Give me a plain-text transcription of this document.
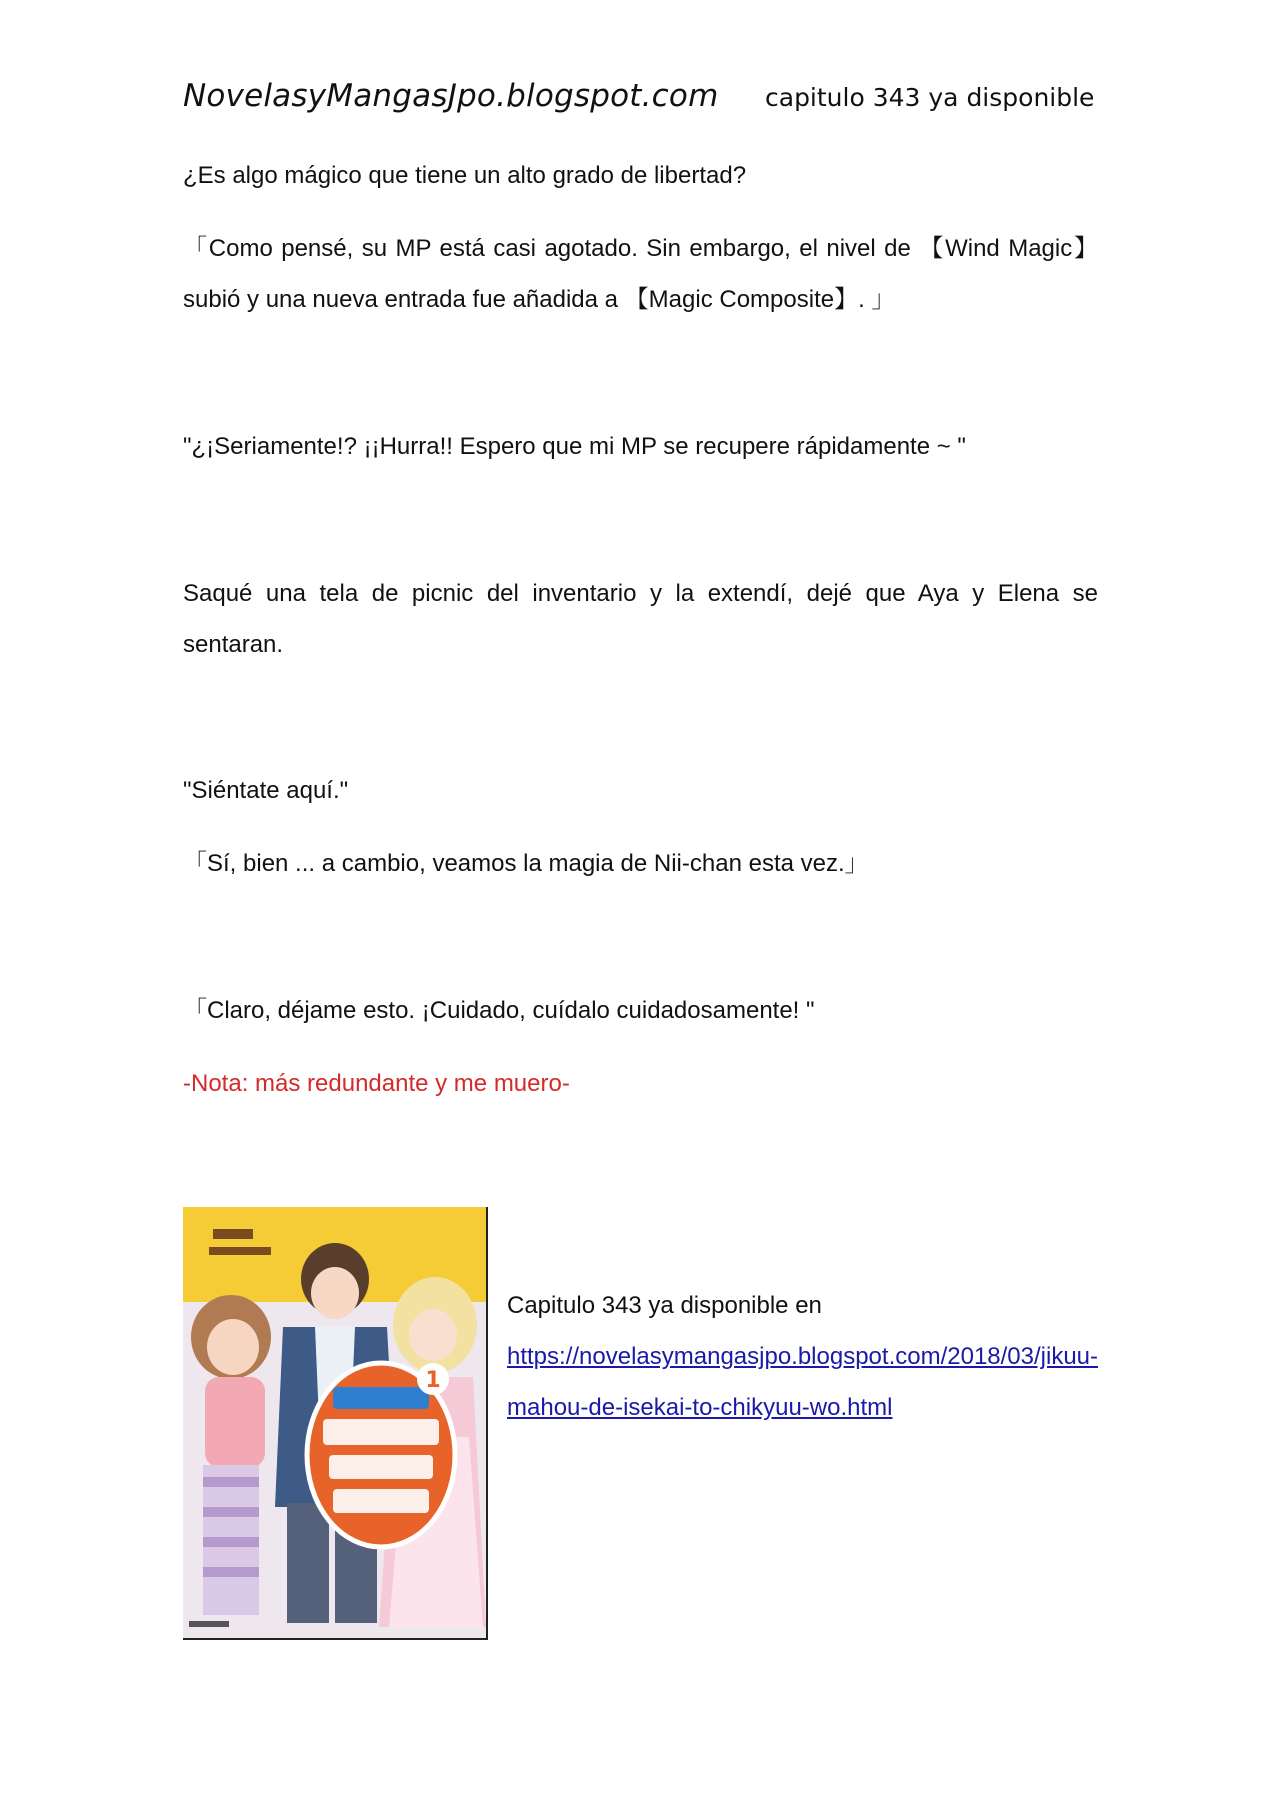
NovelasyMangasJpo.blogspot.com capitulo 343 ya disponible

¿Es algo mágico que tiene un alto grado de libertad?

「Como pensé, su MP está casi agotado. Sin embargo, el nivel de 【Wind Magic】 subió y una nueva entrada fue añadida a 【Magic Composite】. 」

"¿¡Seriamente!? ¡¡Hurra!! Espero que mi MP se recupere rápidamente ~ "

Saqué una tela de picnic del inventario y la extendí, dejé que Aya y Elena se sentaran.

"Siéntate aquí."

「Sí, bien ... a cambio, veamos la magia de Nii-chan esta vez.」

「Claro, déjame esto. ¡Cuidado, cuídalo cuidadosamente! "

-Nota: más redundante y me muero-

1
Capitulo 343 ya disponible en
https://novelasymangasjpo.blogspot.com/2018/03/jikuu-mahou-de-isekai-to-chikyuu-wo.html
